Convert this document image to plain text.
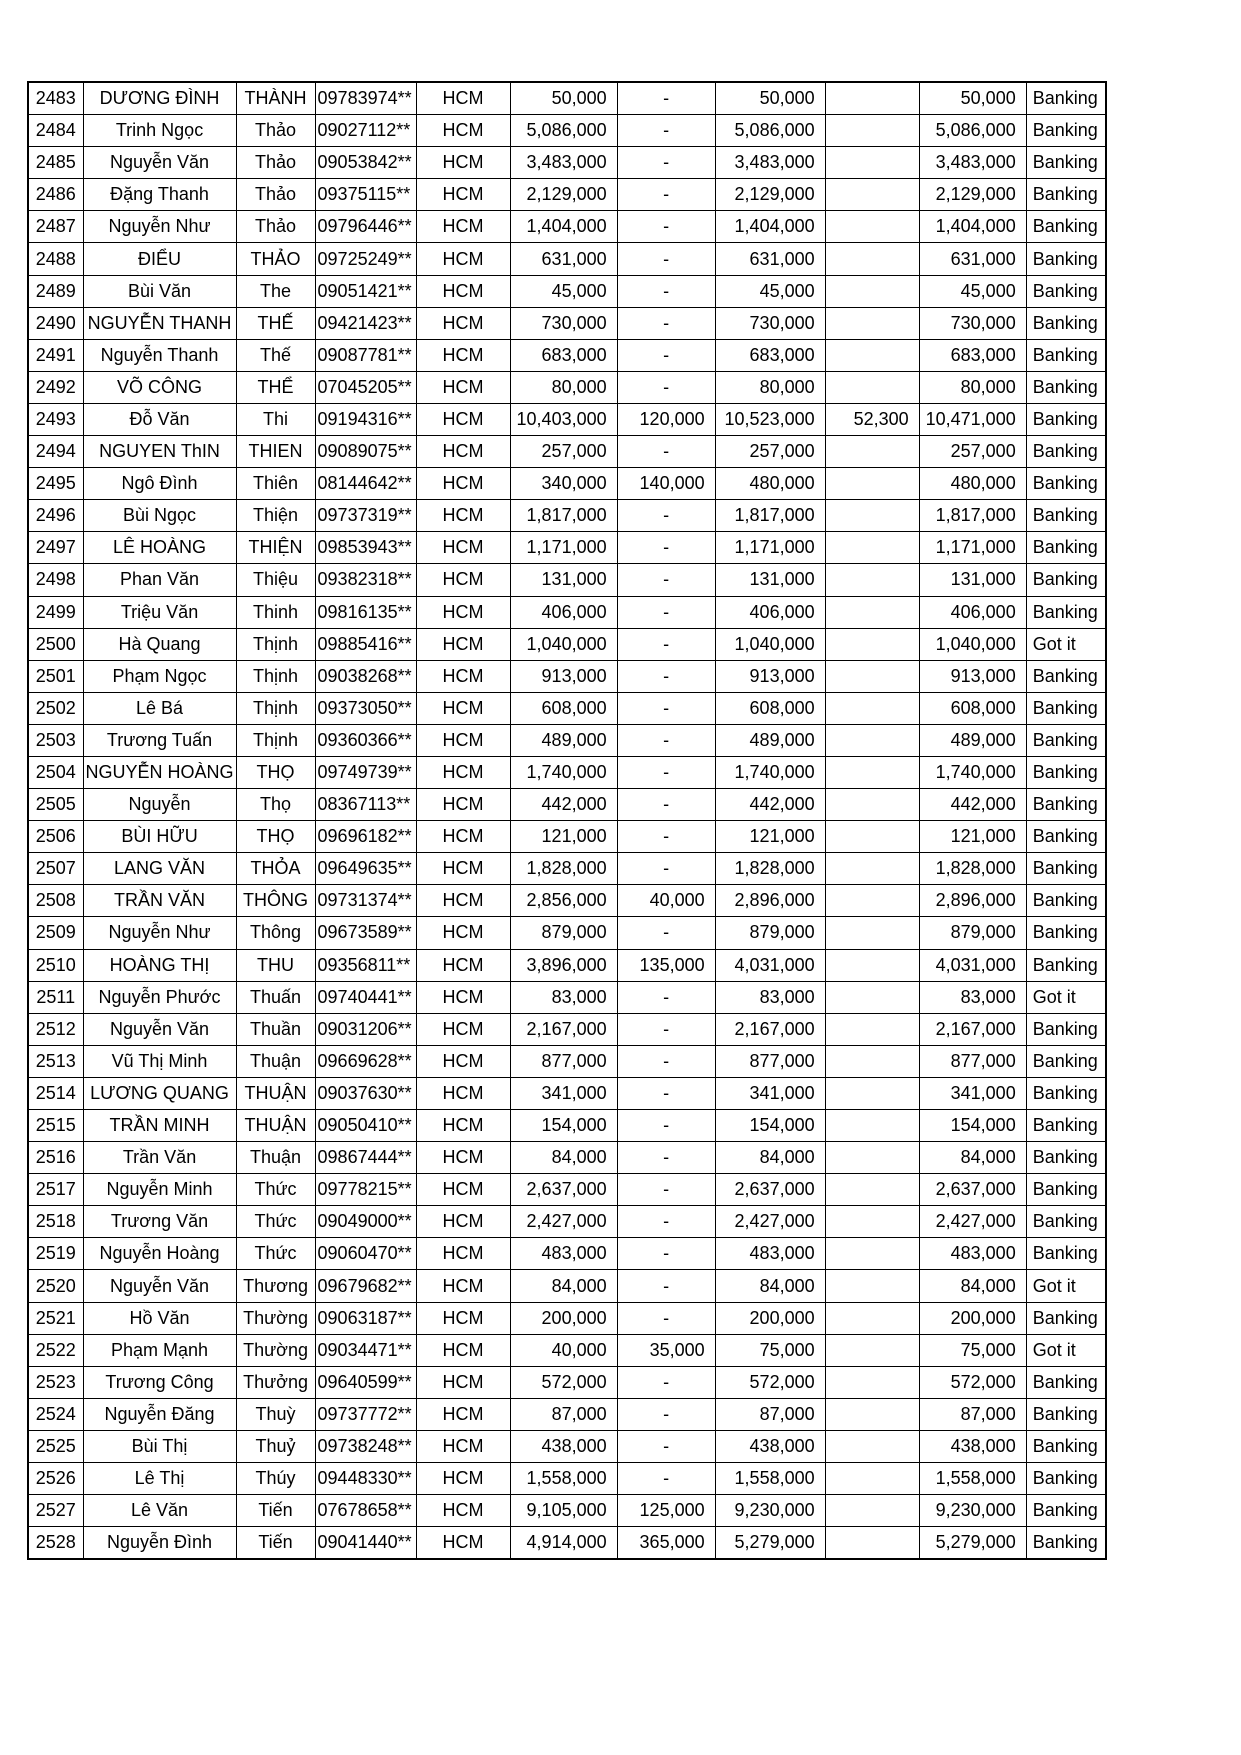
2483	DƯƠNG ĐÌNH	THÀNH	09783974**	HCM	50,000	-	50,000		50,000	Banking
2484	Trinh Ngọc	Thảo	09027112**	HCM	5,086,000	-	5,086,000		5,086,000	Banking
2485	Nguyễn Văn	Thảo	09053842**	HCM	3,483,000	-	3,483,000		3,483,000	Banking
2486	Đặng Thanh	Thảo	09375115**	HCM	2,129,000	-	2,129,000		2,129,000	Banking
2487	Nguyễn Như	Thảo	09796446**	HCM	1,404,000	-	1,404,000		1,404,000	Banking
2488	ĐIỂU	THẢO	09725249**	HCM	631,000	-	631,000		631,000	Banking
2489	Bùi Văn	The	09051421**	HCM	45,000	-	45,000		45,000	Banking
2490	NGUYỄN THANH	THẾ	09421423**	HCM	730,000	-	730,000		730,000	Banking
2491	Nguyễn Thanh	Thế	09087781**	HCM	683,000	-	683,000		683,000	Banking
2492	VÕ CÔNG	THỂ	07045205**	HCM	80,000	-	80,000		80,000	Banking
2493	Đỗ Văn	Thi	09194316**	HCM	10,403,000	120,000	10,523,000	52,300	10,471,000	Banking
2494	NGUYEN ThIN	THIEN	09089075**	HCM	257,000	-	257,000		257,000	Banking
2495	Ngô Đình	Thiên	08144642**	HCM	340,000	140,000	480,000		480,000	Banking
2496	Bùi Ngọc	Thiện	09737319**	HCM	1,817,000	-	1,817,000		1,817,000	Banking
2497	LÊ HOÀNG	THIỆN	09853943**	HCM	1,171,000	-	1,171,000		1,171,000	Banking
2498	Phan Văn	Thiệu	09382318**	HCM	131,000	-	131,000		131,000	Banking
2499	Triệu Văn	Thinh	09816135**	HCM	406,000	-	406,000		406,000	Banking
2500	Hà Quang	Thịnh	09885416**	HCM	1,040,000	-	1,040,000		1,040,000	Got it
2501	Phạm Ngọc	Thịnh	09038268**	HCM	913,000	-	913,000		913,000	Banking
2502	Lê Bá	Thịnh	09373050**	HCM	608,000	-	608,000		608,000	Banking
2503	Trương Tuấn	Thịnh	09360366**	HCM	489,000	-	489,000		489,000	Banking
2504	NGUYỄN HOÀNG	THỌ	09749739**	HCM	1,740,000	-	1,740,000		1,740,000	Banking
2505	Nguyễn	Thọ	08367113**	HCM	442,000	-	442,000		442,000	Banking
2506	BÙI HỮU	THỌ	09696182**	HCM	121,000	-	121,000		121,000	Banking
2507	LANG VĂN	THỎA	09649635**	HCM	1,828,000	-	1,828,000		1,828,000	Banking
2508	TRẦN VĂN	THÔNG	09731374**	HCM	2,856,000	40,000	2,896,000		2,896,000	Banking
2509	Nguyễn Như	Thông	09673589**	HCM	879,000	-	879,000		879,000	Banking
2510	HOÀNG THỊ	THU	09356811**	HCM	3,896,000	135,000	4,031,000		4,031,000	Banking
2511	Nguyễn Phước	Thuấn	09740441**	HCM	83,000	-	83,000		83,000	Got it
2512	Nguyễn Văn	Thuần	09031206**	HCM	2,167,000	-	2,167,000		2,167,000	Banking
2513	Vũ Thị Minh	Thuận	09669628**	HCM	877,000	-	877,000		877,000	Banking
2514	LƯƠNG QUANG	THUẬN	09037630**	HCM	341,000	-	341,000		341,000	Banking
2515	TRẦN MINH	THUẬN	09050410**	HCM	154,000	-	154,000		154,000	Banking
2516	Trần Văn	Thuận	09867444**	HCM	84,000	-	84,000		84,000	Banking
2517	Nguyễn Minh	Thức	09778215**	HCM	2,637,000	-	2,637,000		2,637,000	Banking
2518	Trương Văn	Thức	09049000**	HCM	2,427,000	-	2,427,000		2,427,000	Banking
2519	Nguyễn Hoàng	Thức	09060470**	HCM	483,000	-	483,000		483,000	Banking
2520	Nguyễn Văn	Thương	09679682**	HCM	84,000	-	84,000		84,000	Got it
2521	Hồ Văn	Thường	09063187**	HCM	200,000	-	200,000		200,000	Banking
2522	Phạm Mạnh	Thường	09034471**	HCM	40,000	35,000	75,000		75,000	Got it
2523	Trương Công	Thưởng	09640599**	HCM	572,000	-	572,000		572,000	Banking
2524	Nguyễn Đăng	Thuỳ	09737772**	HCM	87,000	-	87,000		87,000	Banking
2525	Bùi Thị	Thuỷ	09738248**	HCM	438,000	-	438,000		438,000	Banking
2526	Lê Thị	Thúy	09448330**	HCM	1,558,000	-	1,558,000		1,558,000	Banking
2527	Lê Văn	Tiến	07678658**	HCM	9,105,000	125,000	9,230,000		9,230,000	Banking
2528	Nguyễn Đình	Tiến	09041440**	HCM	4,914,000	365,000	5,279,000		5,279,000	Banking
